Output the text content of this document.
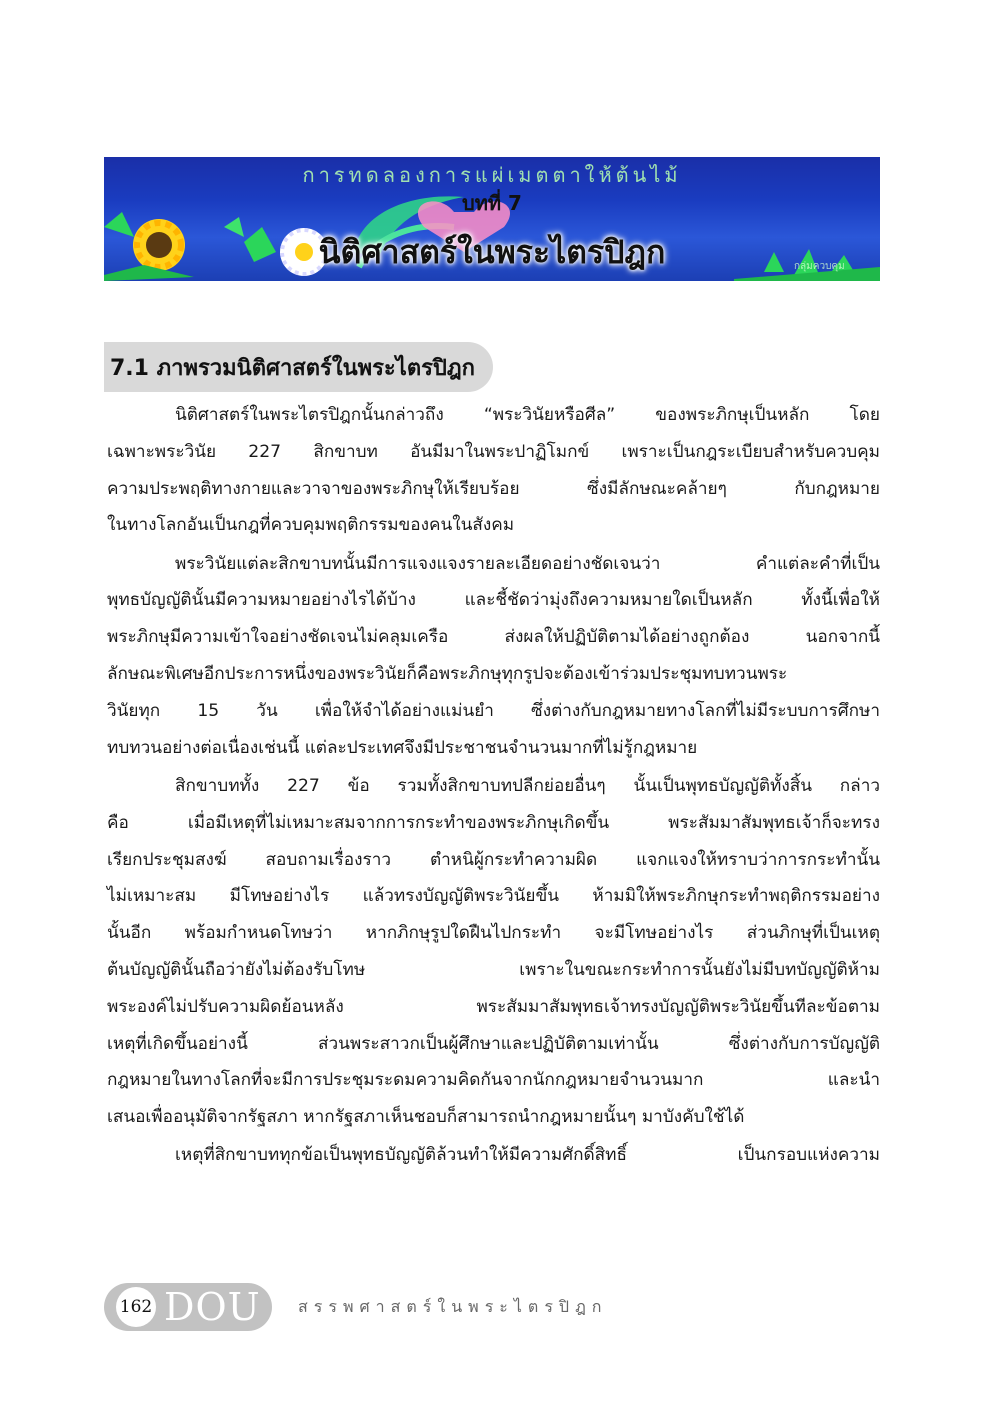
กลุ่มควบคุม
การทดลองการแผ่เมตตาให้ต้นไม้
บทที่ 7
นิติศาสตร์ในพระไตรปิฎก
7.1 ภาพรวมนิติศาสตร์ในพระไตรปิฎก
นิติศาสตร์ในพระไตรปิฎกนั้นกล่าวถึง “พระวินัยหรือศีล” ของพระภิกษุเป็นหลัก โดย
เฉพาะพระวินัย 227 สิกขาบท อันมีมาในพระปาฏิโมกข์ เพราะเป็นกฎระเบียบสำหรับควบคุม
ความประพฤติทางกายและวาจาของพระภิกษุให้เรียบร้อย ซึ่งมีลักษณะคล้ายๆ กับกฎหมาย
ในทางโลกอันเป็นกฎที่ควบคุมพฤติกรรมของคนในสังคม
พระวินัยแต่ละสิกขาบทนั้นมีการแจงแจงรายละเอียดอย่างชัดเจนว่า คำแต่ละคำที่เป็น
พุทธบัญญัตินั้นมีความหมายอย่างไรได้บ้าง และชี้ชัดว่ามุ่งถึงความหมายใดเป็นหลัก ทั้งนี้เพื่อให้
พระภิกษุมีความเข้าใจอย่างชัดเจนไม่คลุมเครือ ส่งผลให้ปฏิบัติตามได้อย่างถูกต้อง นอกจากนี้
ลักษณะพิเศษอีกประการหนึ่งของพระวินัยก็คือพระภิกษุทุกรูปจะต้องเข้าร่วมประชุมทบทวนพระ
วินัยทุก 15 วัน เพื่อให้จำได้อย่างแม่นยำ ซึ่งต่างกับกฎหมายทางโลกที่ไม่มีระบบการศึกษา
ทบทวนอย่างต่อเนื่องเช่นนี้ แต่ละประเทศจึงมีประชาชนจำนวนมากที่ไม่รู้กฎหมาย
สิกขาบททั้ง 227 ข้อ รวมทั้งสิกขาบทปลีกย่อยอื่นๆ นั้นเป็นพุทธบัญญัติทั้งสิ้น กล่าว
คือ เมื่อมีเหตุที่ไม่เหมาะสมจากการกระทำของพระภิกษุเกิดขึ้น พระสัมมาสัมพุทธเจ้าก็จะทรง
เรียกประชุมสงฆ์ สอบถามเรื่องราว ตำหนิผู้กระทำความผิด แจกแจงให้ทราบว่าการกระทำนั้น
ไม่เหมาะสม มีโทษอย่างไร แล้วทรงบัญญัติพระวินัยขึ้น ห้ามมิให้พระภิกษุกระทำพฤติกรรมอย่าง
นั้นอีก พร้อมกำหนดโทษว่า หากภิกษุรูปใดฝืนไปกระทำ จะมีโทษอย่างไร ส่วนภิกษุที่เป็นเหตุ
ต้นบัญญัตินั้นถือว่ายังไม่ต้องรับโทษ เพราะในขณะกระทำการนั้นยังไม่มีบทบัญญัติห้าม
พระองค์ไม่ปรับความผิดย้อนหลัง พระสัมมาสัมพุทธเจ้าทรงบัญญัติพระวินัยขึ้นทีละข้อตาม
เหตุที่เกิดขึ้นอย่างนี้ ส่วนพระสาวกเป็นผู้ศึกษาและปฏิบัติตามเท่านั้น ซึ่งต่างกับการบัญญัติ
กฎหมายในทางโลกที่จะมีการประชุมระดมความคิดกันจากนักกฎหมายจำนวนมาก และนำ
เสนอเพื่ออนุมัติจากรัฐสภา หากรัฐสภาเห็นชอบก็สามารถนำกฎหมายนั้นๆ มาบังคับใช้ได้
เหตุที่สิกขาบททุกข้อเป็นพุทธบัญญัติล้วนทำให้มีความศักดิ์สิทธิ์ เป็นกรอบแห่งความ
162 DOU สรรพศาสตร์ในพระไตรปิฎก
